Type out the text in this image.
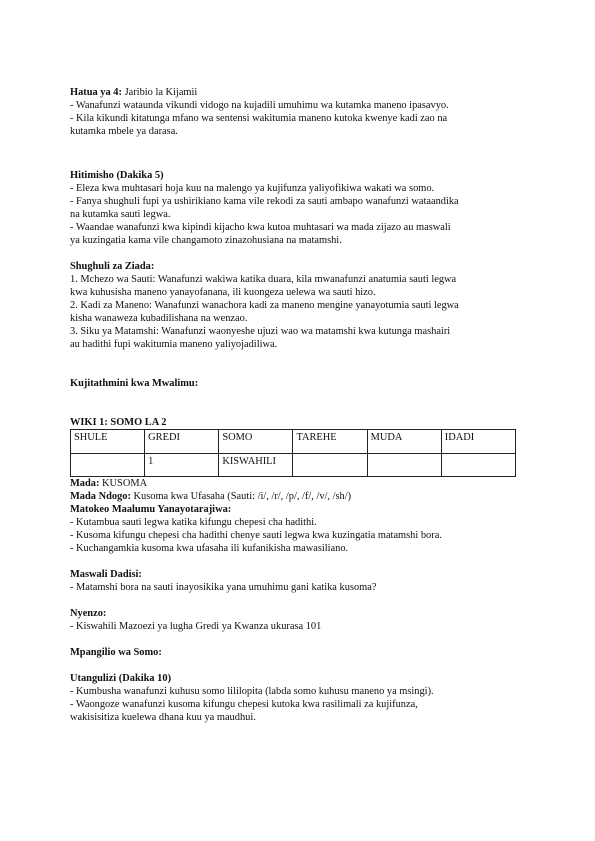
Hatua ya 4: Jaribio la Kijamii

- Wanafunzi wataunda vikundi vidogo na kujadili umuhimu wa kutamka maneno ipasavyo.

- Kila kikundi kitatunga mfano wa sentensi wakitumia maneno kutoka kwenye kadi zao na

kutamka mbele ya darasa.

Hitimisho (Dakika 5)

- Eleza kwa muhtasari hoja kuu na malengo ya kujifunza yaliyofikiwa wakati wa somo.

- Fanya shughuli fupi ya ushirikiano kama vile rekodi za sauti ambapo wanafunzi wataandika

na kutamka sauti legwa.

- Waandae wanafunzi kwa kipindi kijacho kwa kutoa muhtasari wa mada zijazo au maswali

ya kuzingatia kama vile changamoto zinazohusiana na matamshi.

Shughuli za Ziada:

1. Mchezo wa Sauti: Wanafunzi wakiwa katika duara, kila mwanafunzi anatumia sauti legwa

kwa kuhusisha maneno yanayofanana, ili kuongeza uelewa wa sauti hizo.

2. Kadi za Maneno: Wanafunzi wanachora kadi za maneno mengine yanayotumia sauti legwa

kisha wanaweza kubadilishana na wenzao.

3. Siku ya Matamshi: Wanafunzi waonyeshe ujuzi wao wa matamshi kwa kutunga mashairi

au hadithi fupi wakitumia maneno yaliyojadiliwa.

Kujitathmini kwa Mwalimu:

WIKI 1: SOMO LA 2

SHULE	GREDI	SOMO	TAREHE	MUDA	IDADI
	1	KISWAHILI			

Mada: KUSOMA

Mada Ndogo: Kusoma kwa Ufasaha (Sauti: /i/, /r/, /p/, /f/, /v/, /sh/)

Matokeo Maalumu Yanayotarajiwa:

- Kutambua sauti legwa katika kifungu chepesi cha hadithi.

- Kusoma kifungu chepesi cha hadithi chenye sauti legwa kwa kuzingatia matamshi bora.

- Kuchangamkia kusoma kwa ufasaha ili kufanikisha mawasiliano.

Maswali Dadisi:

- Matamshi bora na sauti inayosikika yana umuhimu gani katika kusoma?

Nyenzo:

- Kiswahili Mazoezi ya lugha Gredi ya Kwanza ukurasa 101

Mpangilio wa Somo:

Utangulizi (Dakika 10)

- Kumbusha wanafunzi kuhusu somo lililopita (labda somo kuhusu maneno ya msingi).

- Waongoze wanafunzi kusoma kifungu chepesi kutoka kwa rasilimali za kujifunza,

wakisisitiza kuelewa dhana kuu ya maudhui.
